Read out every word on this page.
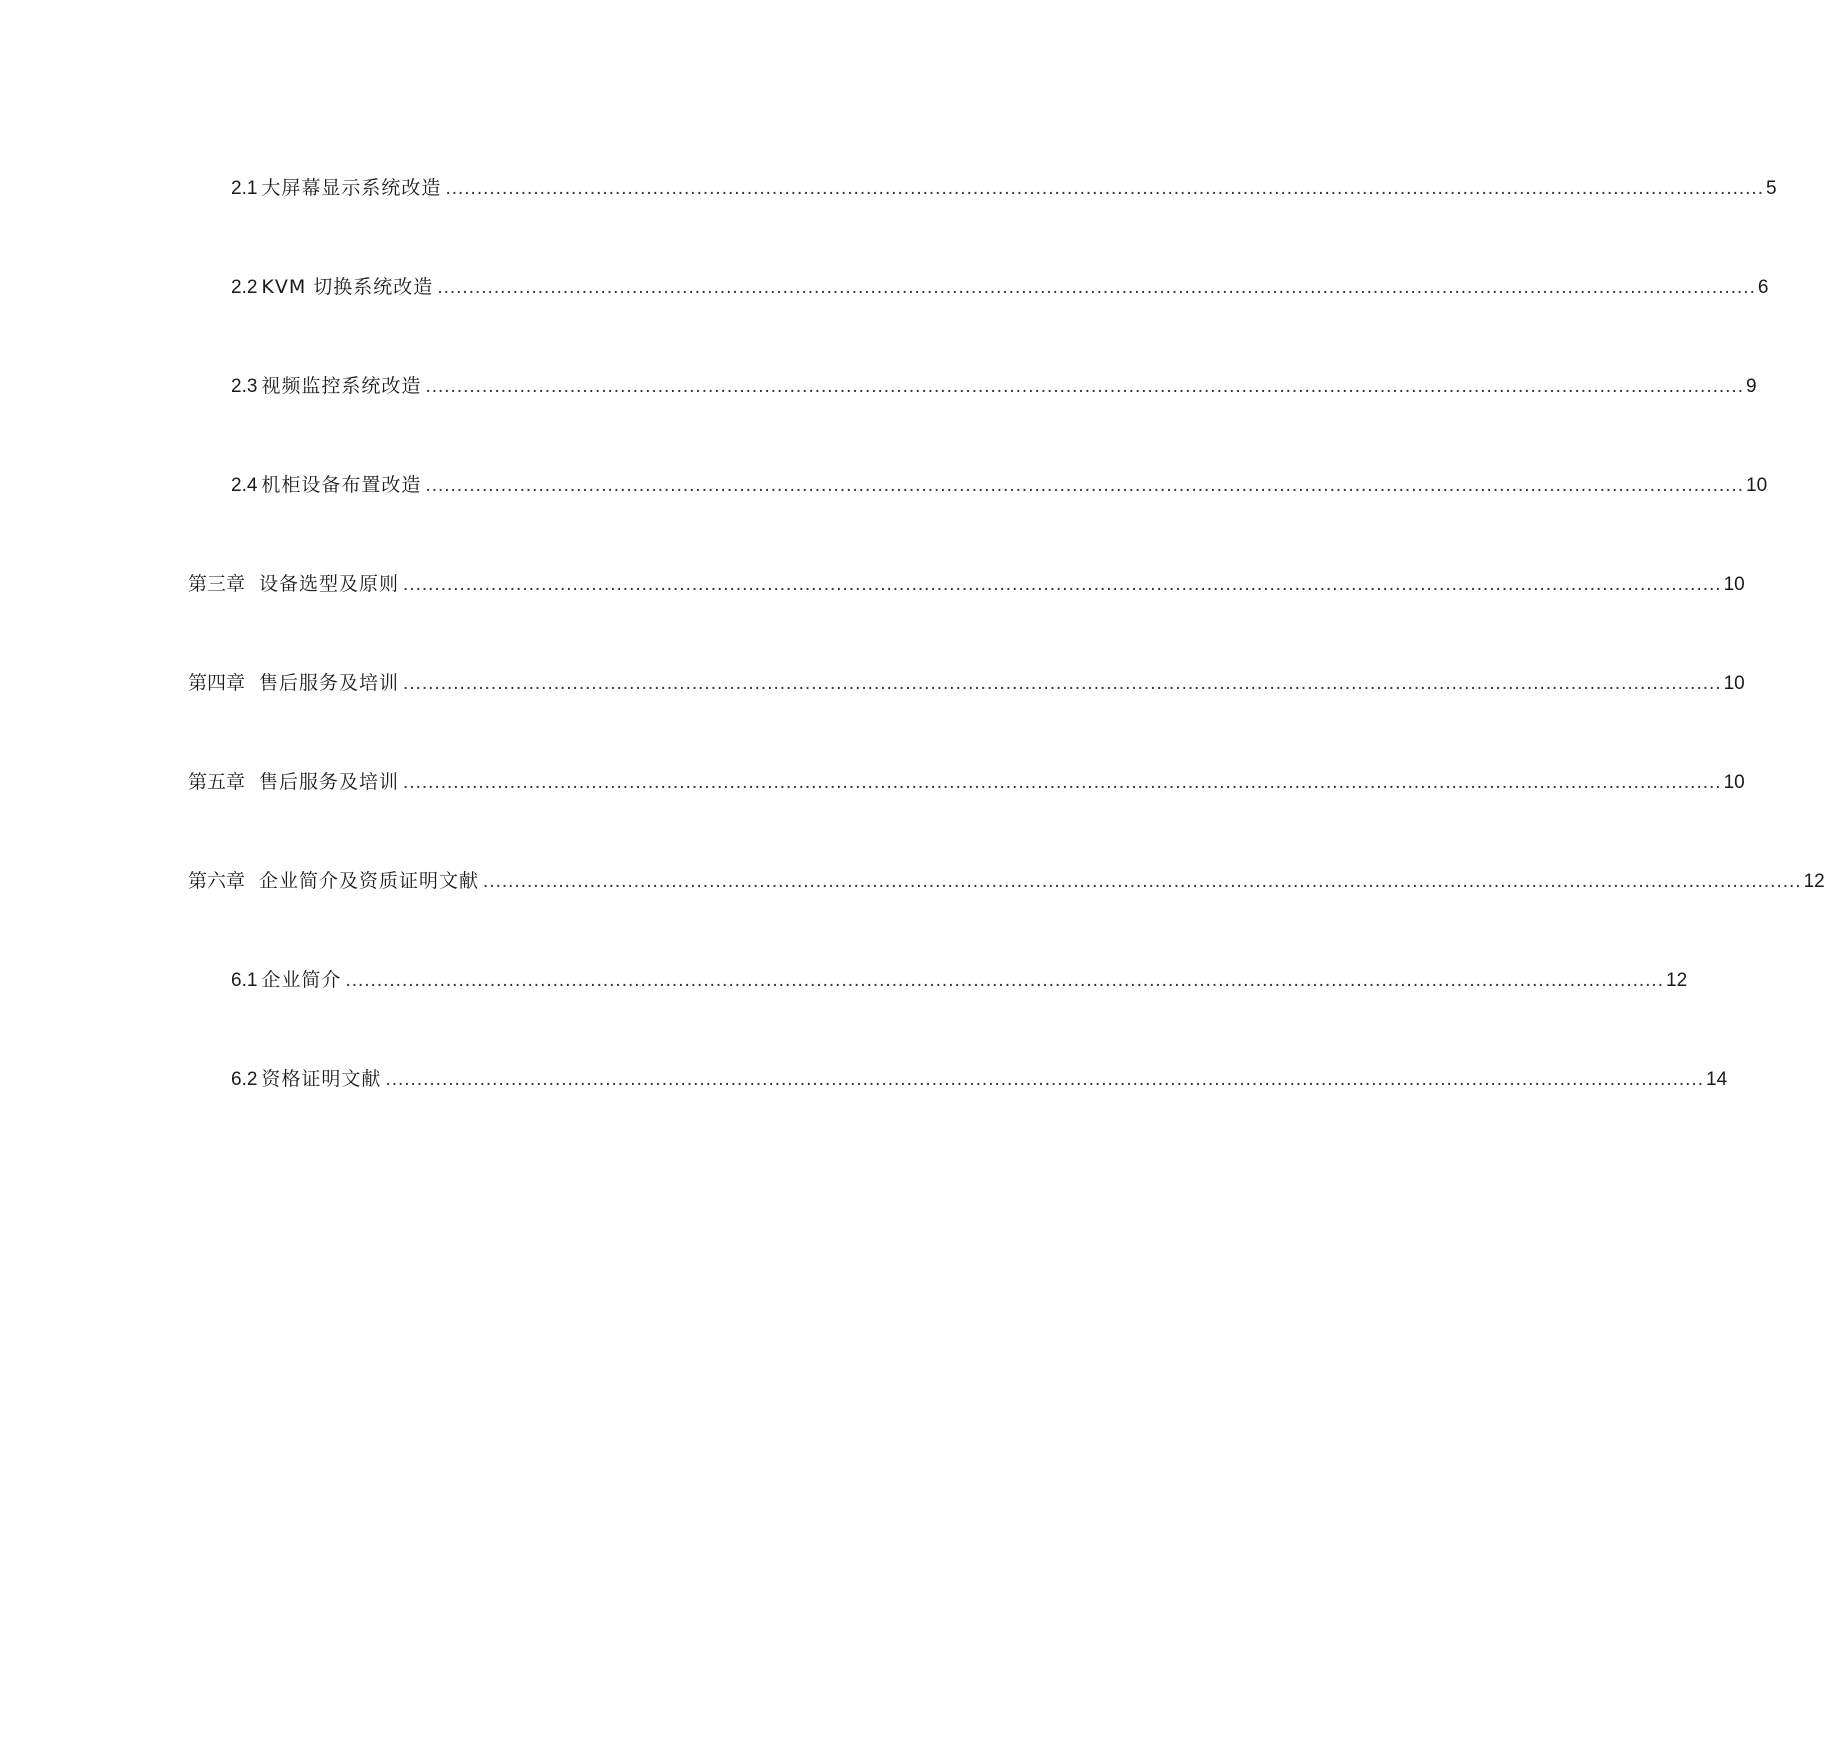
2.1 大屏幕显示系统改造 .................................................................................................................................................................................................................. 5
2.2 KVM 切换系统改造 .................................................................................................................................................................................................................. 6
2.3 视频监控系统改造 .................................................................................................................................................................................................................. 9
2.4 机柜设备布置改造 .................................................................................................................................................................................................................. 10
第三章 设备选型及原则 .................................................................................................................................................................................................................. 10
第四章 售后服务及培训 .................................................................................................................................................................................................................. 10
第五章 售后服务及培训 .................................................................................................................................................................................................................. 10
第六章 企业简介及资质证明文献 .................................................................................................................................................................................................................. 12
6.1 企业简介 .................................................................................................................................................................................................................. 12
6.2 资格证明文献 .................................................................................................................................................................................................................. 14
